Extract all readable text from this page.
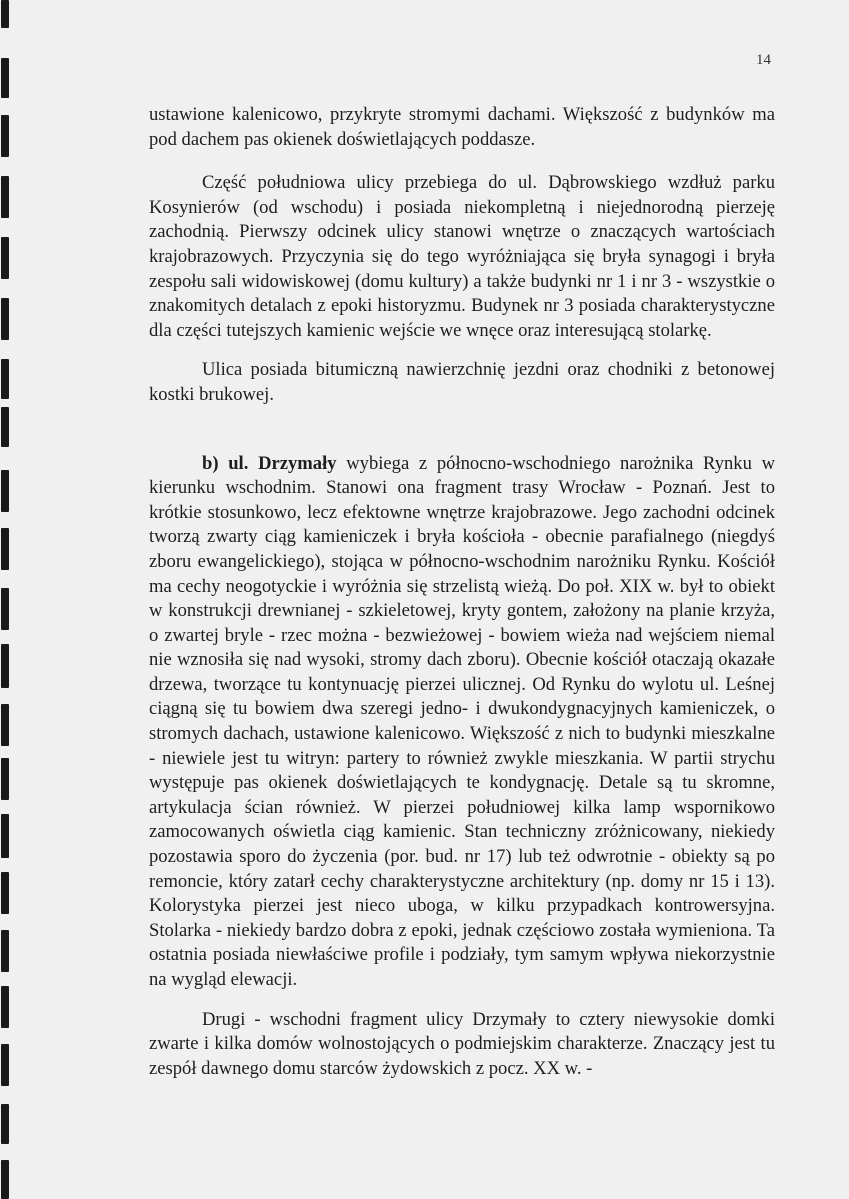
14

ustawione kalenicowo, przykryte stromymi dachami. Większość z budynków ma pod dachem pas okienek doświetlających poddasze.

Część południowa ulicy przebiega do ul. Dąbrowskiego wzdłuż parku Kosynierów (od wschodu) i posiada niekompletną i niejednorodną pierzeję zachodnią. Pierwszy odcinek ulicy stanowi wnętrze o znaczących wartościach krajobrazowych. Przyczynia się do tego wyróżniająca się bryła synagogi i bryła zespołu sali widowiskowej (domu kultury) a także budynki nr 1 i nr 3 - wszystkie o znakomitych detalach z epoki historyzmu. Budynek nr 3 posiada charakterystyczne dla części tutejszych kamienic wejście we wnęce oraz interesującą stolarkę.

Ulica posiada bitumiczną nawierzchnię jezdni oraz chodniki z betonowej kostki brukowej.

b) ul. Drzymały wybiega z północno-wschodniego narożnika Rynku w kierunku wschodnim. Stanowi ona fragment trasy Wrocław - Poznań. Jest to krótkie stosunkowo, lecz efektowne wnętrze krajobrazowe. Jego zachodni odcinek tworzą zwarty ciąg kamieniczek i bryła kościoła - obecnie parafialnego (niegdyś zboru ewangelickiego), stojąca w północno-wschodnim narożniku Rynku. Kościół ma cechy neogotyckie i wyróżnia się strzelistą wieżą. Do poł. XIX w. był to obiekt w konstrukcji drewnianej - szkieletowej, kryty gontem, założony na planie krzyża, o zwartej bryle - rzec można - bezwieżowej - bowiem wieża nad wejściem niemal nie wznosiła się nad wysoki, stromy dach zboru). Obecnie kościół otaczają okazałe drzewa, tworzące tu kontynuację pierzei ulicznej. Od Rynku do wylotu ul. Leśnej ciągną się tu bowiem dwa szeregi jedno- i dwukondygnacyjnych kamieniczek, o stromych dachach, ustawione kalenicowo. Większość z nich to budynki mieszkalne - niewiele jest tu witryn: partery to również zwykle mieszkania. W partii strychu występuje pas okienek doświetlających te kondygnację. Detale są tu skromne, artykulacja ścian również. W pierzei południowej kilka lamp wspornikowo zamocowanych oświetla ciąg kamienic. Stan techniczny zróżnicowany, niekiedy pozostawia sporo do życzenia (por. bud. nr 17) lub też odwrotnie - obiekty są po remoncie, który zatarł cechy charakterystyczne architektury (np. domy nr 15 i 13). Kolorystyka pierzei jest nieco uboga, w kilku przypadkach kontrowersyjna. Stolarka - niekiedy bardzo dobra z epoki, jednak częściowo została wymieniona. Ta ostatnia posiada niewłaściwe profile i podziały, tym samym wpływa niekorzystnie na wygląd elewacji.

Drugi - wschodni fragment ulicy Drzymały to cztery niewysokie domki zwarte i kilka domów wolnostojących o podmiejskim charakterze. Znaczący jest tu zespół dawnego domu starców żydowskich z pocz. XX w. -
